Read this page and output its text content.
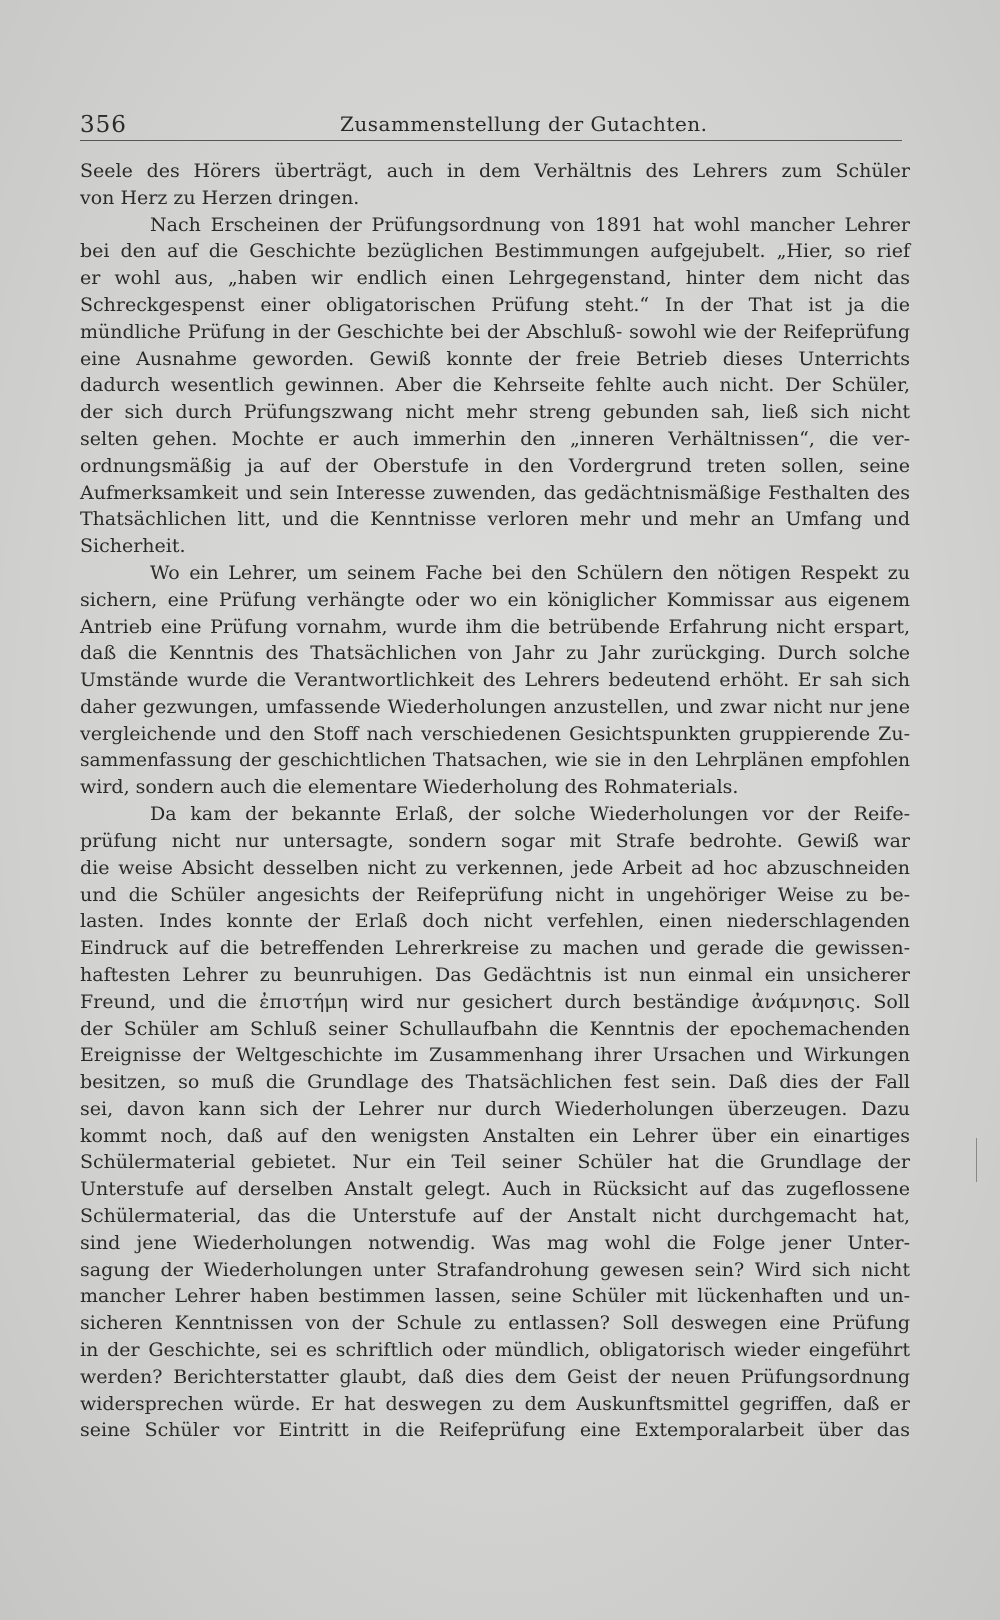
356	Zusammenstellung der Gutachten.
Seele des Hörers überträgt, auch in dem Verhältnis des Lehrers zum Schüler
von Herz zu Herzen dringen.
Nach Erscheinen der Prüfungsordnung von 1891 hat wohl mancher Lehrer
bei den auf die Geschichte bezüglichen Bestimmungen aufgejubelt. „Hier, so rief
er wohl aus, „haben wir endlich einen Lehrgegenstand, hinter dem nicht das
Schreckgespenst einer obligatorischen Prüfung steht.“ In der That ist ja die
mündliche Prüfung in der Geschichte bei der Abschluß- sowohl wie der Reifeprüfung
eine Ausnahme geworden. Gewiß konnte der freie Betrieb dieses Unterrichts
dadurch wesentlich gewinnen. Aber die Kehrseite fehlte auch nicht. Der Schüler,
der sich durch Prüfungszwang nicht mehr streng gebunden sah, ließ sich nicht
selten gehen. Mochte er auch immerhin den „inneren Verhältnissen“, die ver-
ordnungsmäßig ja auf der Oberstufe in den Vordergrund treten sollen, seine
Aufmerksamkeit und sein Interesse zuwenden, das gedächtnismäßige Festhalten des
Thatsächlichen litt, und die Kenntnisse verloren mehr und mehr an Umfang und
Sicherheit.
Wo ein Lehrer, um seinem Fache bei den Schülern den nötigen Respekt zu
sichern, eine Prüfung verhängte oder wo ein königlicher Kommissar aus eigenem
Antrieb eine Prüfung vornahm, wurde ihm die betrübende Erfahrung nicht erspart,
daß die Kenntnis des Thatsächlichen von Jahr zu Jahr zurückging. Durch solche
Umstände wurde die Verantwortlichkeit des Lehrers bedeutend erhöht. Er sah sich
daher gezwungen, umfassende Wiederholungen anzustellen, und zwar nicht nur jene
vergleichende und den Stoff nach verschiedenen Gesichtspunkten gruppierende Zu-
sammenfassung der geschichtlichen Thatsachen, wie sie in den Lehrplänen empfohlen
wird, sondern auch die elementare Wiederholung des Rohmaterials.
Da kam der bekannte Erlaß, der solche Wiederholungen vor der Reife-
prüfung nicht nur untersagte, sondern sogar mit Strafe bedrohte. Gewiß war
die weise Absicht desselben nicht zu verkennen, jede Arbeit ad hoc abzuschneiden
und die Schüler angesichts der Reifeprüfung nicht in ungehöriger Weise zu be-
lasten. Indes konnte der Erlaß doch nicht verfehlen, einen niederschlagenden
Eindruck auf die betreffenden Lehrerkreise zu machen und gerade die gewissen-
haftesten Lehrer zu beunruhigen. Das Gedächtnis ist nun einmal ein unsicherer
Freund, und die ἐπιστήμη wird nur gesichert durch beständige ἀνάμνησις. Soll
der Schüler am Schluß seiner Schullaufbahn die Kenntnis der epochemachenden
Ereignisse der Weltgeschichte im Zusammenhang ihrer Ursachen und Wirkungen
besitzen, so muß die Grundlage des Thatsächlichen fest sein. Daß dies der Fall
sei, davon kann sich der Lehrer nur durch Wiederholungen überzeugen. Dazu
kommt noch, daß auf den wenigsten Anstalten ein Lehrer über ein einartiges
Schülermaterial gebietet. Nur ein Teil seiner Schüler hat die Grundlage der
Unterstufe auf derselben Anstalt gelegt. Auch in Rücksicht auf das zugeflossene
Schülermaterial, das die Unterstufe auf der Anstalt nicht durchgemacht hat,
sind jene Wiederholungen notwendig. Was mag wohl die Folge jener Unter-
sagung der Wiederholungen unter Strafandrohung gewesen sein? Wird sich nicht
mancher Lehrer haben bestimmen lassen, seine Schüler mit lückenhaften und un-
sicheren Kenntnissen von der Schule zu entlassen? Soll deswegen eine Prüfung
in der Geschichte, sei es schriftlich oder mündlich, obligatorisch wieder eingeführt
werden? Berichterstatter glaubt, daß dies dem Geist der neuen Prüfungsordnung
widersprechen würde. Er hat deswegen zu dem Auskunftsmittel gegriffen, daß er
seine Schüler vor Eintritt in die Reifeprüfung eine Extemporalarbeit über das
